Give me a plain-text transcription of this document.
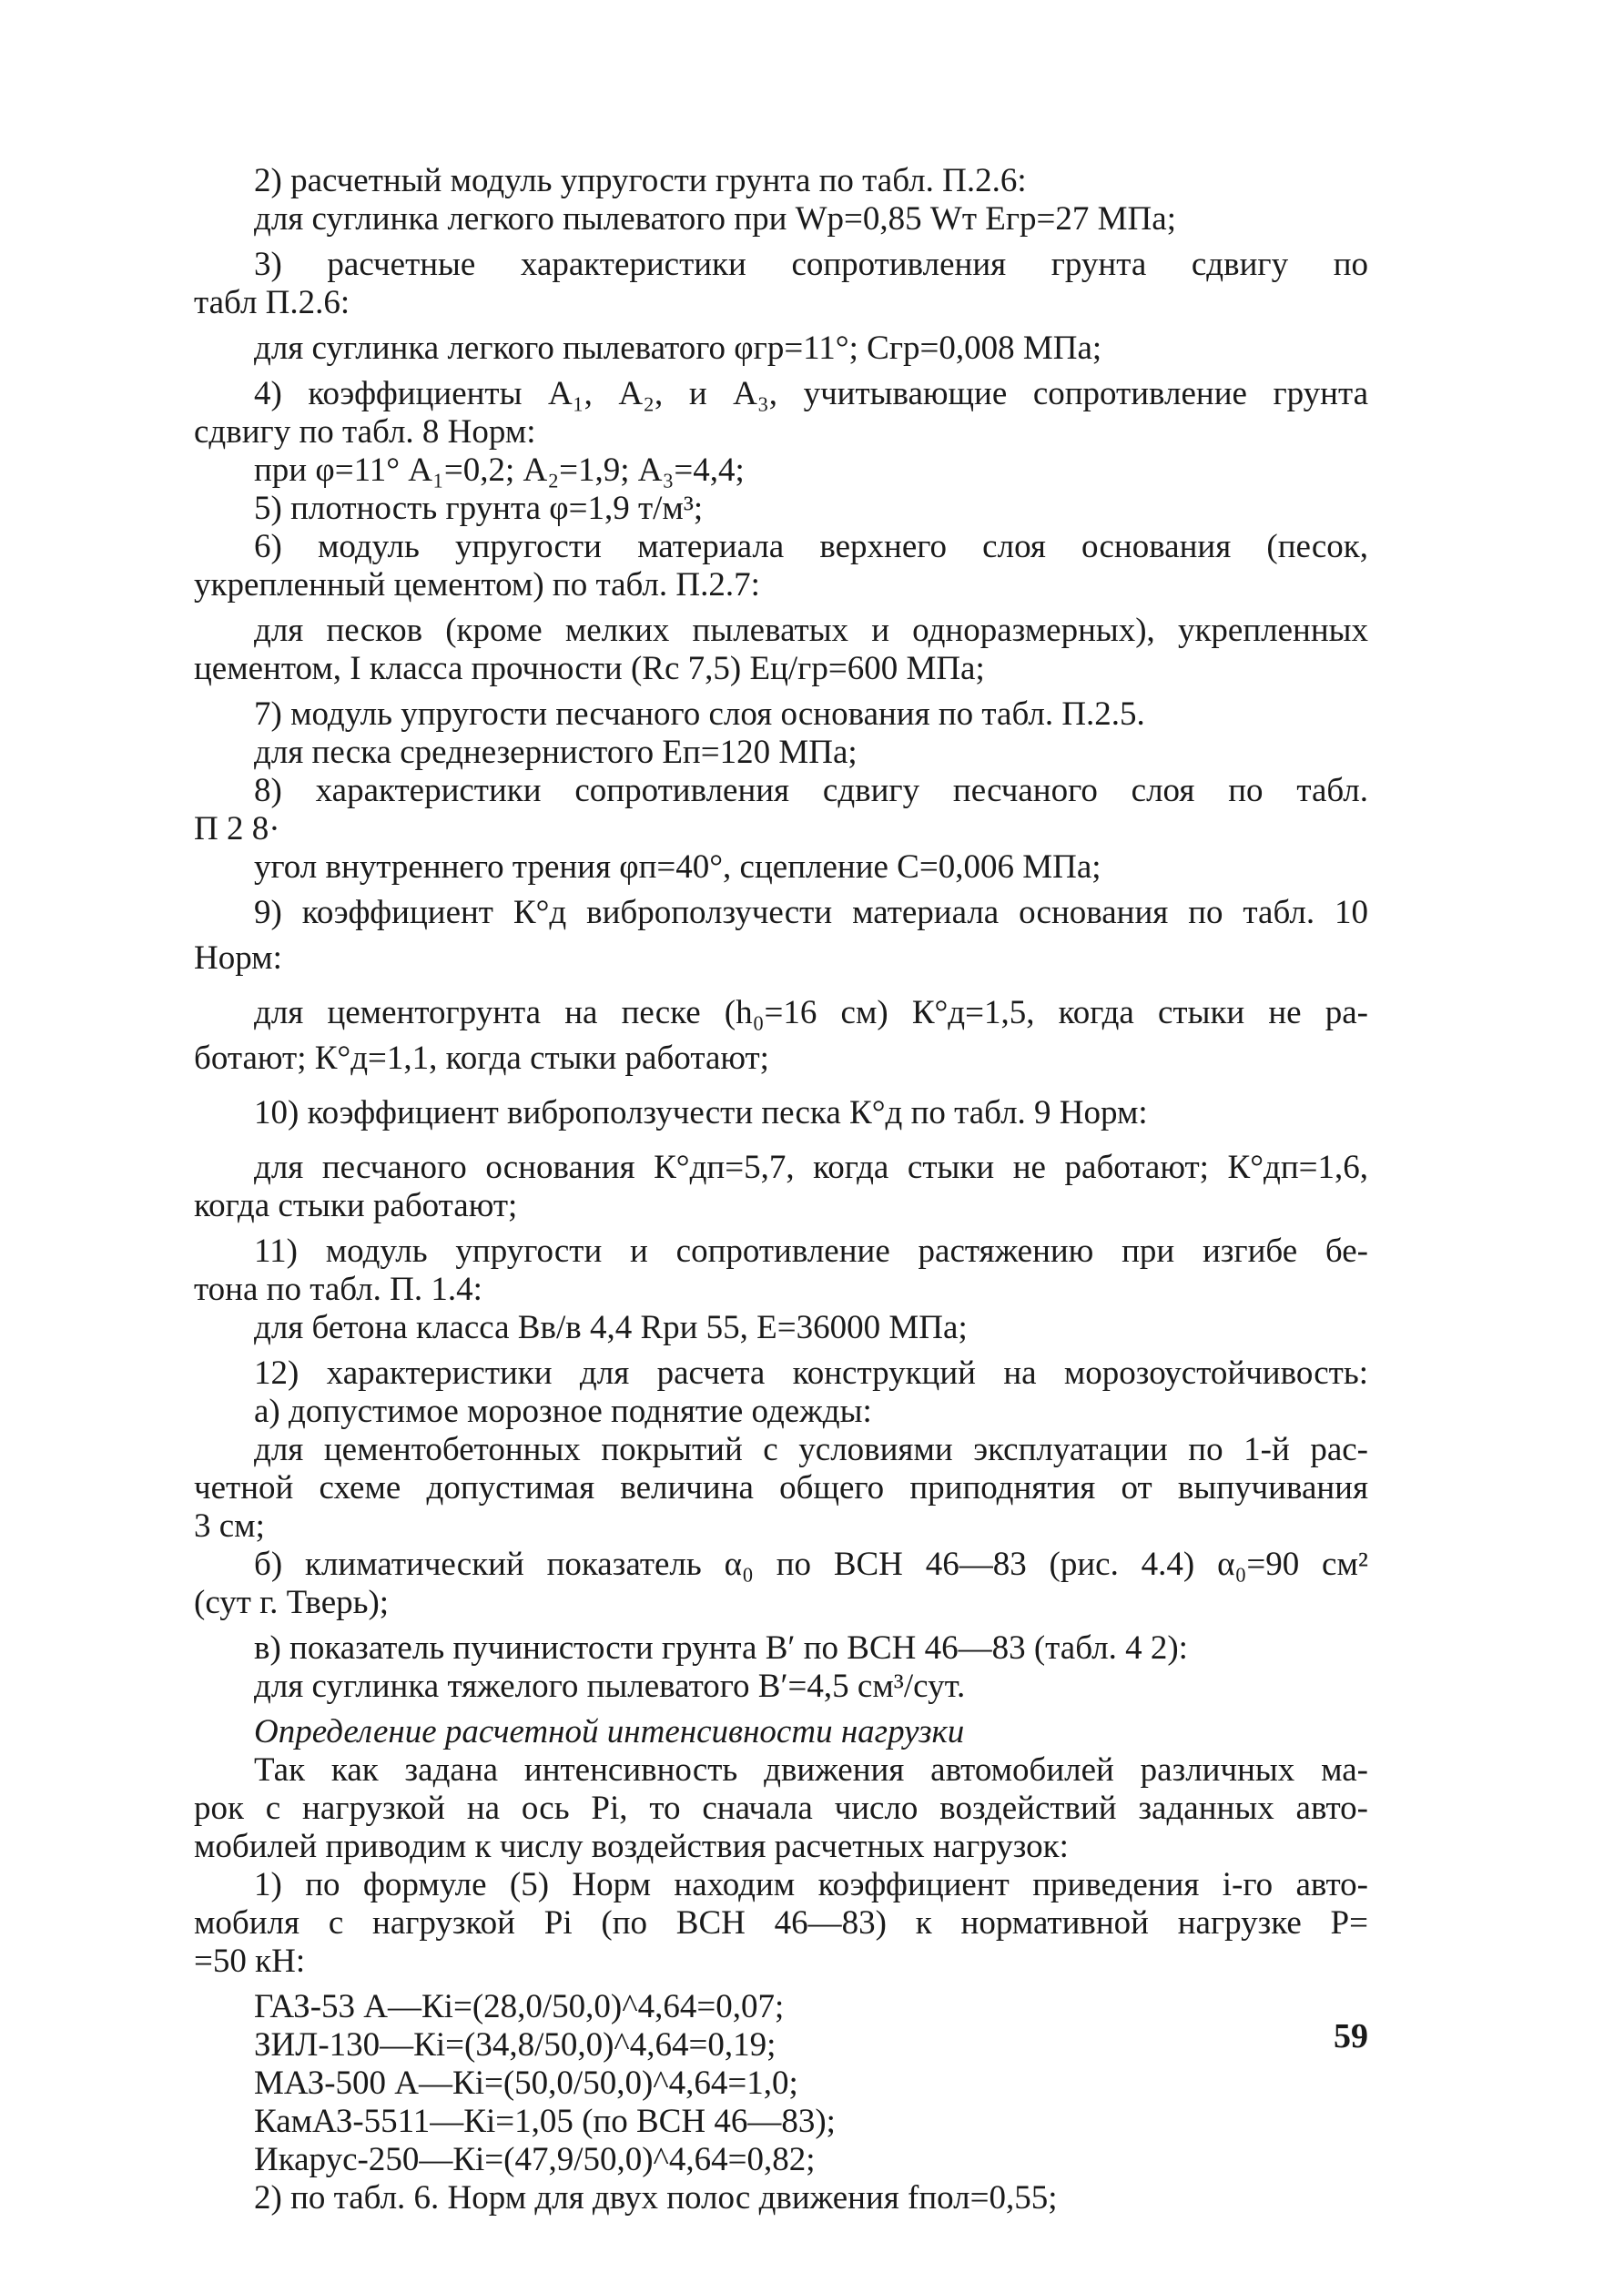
2) расчетный модуль упругости грунта по табл. П.2.6:

для суглинка легкого пылеватого при Wр=0,85 Wт Егр=27 МПа;

3) расчетные характеристики сопротивления грунта сдвигу по

табл П.2.6:

для суглинка легкого пылеватого φгр=11°; Сгр=0,008 МПа;

4) коэффициенты А₁, А₂, и А₃, учитывающие сопротивление грунта

сдвигу по табл. 8 Норм:

при φ=11° А₁=0,2; А₂=1,9; А₃=4,4;

5) плотность грунта φ=1,9 т/м³;

6) модуль упругости материала верхнего слоя основания (песок,

укрепленный цементом) по табл. П.2.7:

для песков (кроме мелких пылеватых и одноразмерных), укрепленных

цементом, I класса прочности (Rс 7,5) Ец/гр=600 МПа;

7) модуль упругости песчаного слоя основания по табл. П.2.5.

для песка среднезернистого Еп=120 МПа;

8) характеристики сопротивления сдвигу песчаного слоя по табл.

П 2 8·

угол внутреннего трения φп=40°, сцепление С=0,006 МПа;

9) коэффициент К°д виброползучести материала основания по табл. 10

Норм:

для цементогрунта на песке (h₀=16 см) К°д=1,5, когда стыки не ра-

ботают; К°д=1,1, когда стыки работают;

10) коэффициент виброползучести песка К°д по табл. 9 Норм:

для песчаного основания К°дп=5,7, когда стыки не работают; К°дп=1,6,

когда стыки работают;

11) модуль упругости и сопротивление растяжению при изгибе бе-

тона по табл. П. 1.4:

для бетона класса Вв/в 4,4 Rри 55, Е=36000 МПа;

12) характеристики для расчета конструкций на морозоустойчивость:

а) допустимое морозное поднятие одежды:

для цементобетонных покрытий с условиями эксплуатации по 1-й рас-

четной схеме допустимая величина общего приподнятия от выпучивания

3 см;

б) климатический показатель α₀ по ВСН 46—83 (рис. 4.4) α₀=90 см²

(сут г. Тверь);

в) показатель пучинистости грунта В′ по ВСН 46—83 (табл. 4 2):

для суглинка тяжелого пылеватого В′=4,5 см³/сут.

Определение расчетной интенсивности нагрузки

Так как задана интенсивность движения автомобилей различных ма-

рок с нагрузкой на ось Pi, то сначала число воздействий заданных авто-

мобилей приводим к числу воздействия расчетных нагрузок:

1) по формуле (5) Норм находим коэффициент приведения i-го авто-

мобиля с нагрузкой Pi (по ВСН 46—83) к нормативной нагрузке P=

=50 кН:

ГАЗ-53 А—Кi=(28,0/50,0)^4,64=0,07;

ЗИЛ-130—Кi=(34,8/50,0)^4,64=0,19;

МАЗ-500 А—Кi=(50,0/50,0)^4,64=1,0;

КамАЗ-5511—Кi=1,05 (по ВСН 46—83);

Икарус-250—Кi=(47,9/50,0)^4,64=0,82;

2) по табл. 6. Норм для двух полос движения fпол=0,55;

59
